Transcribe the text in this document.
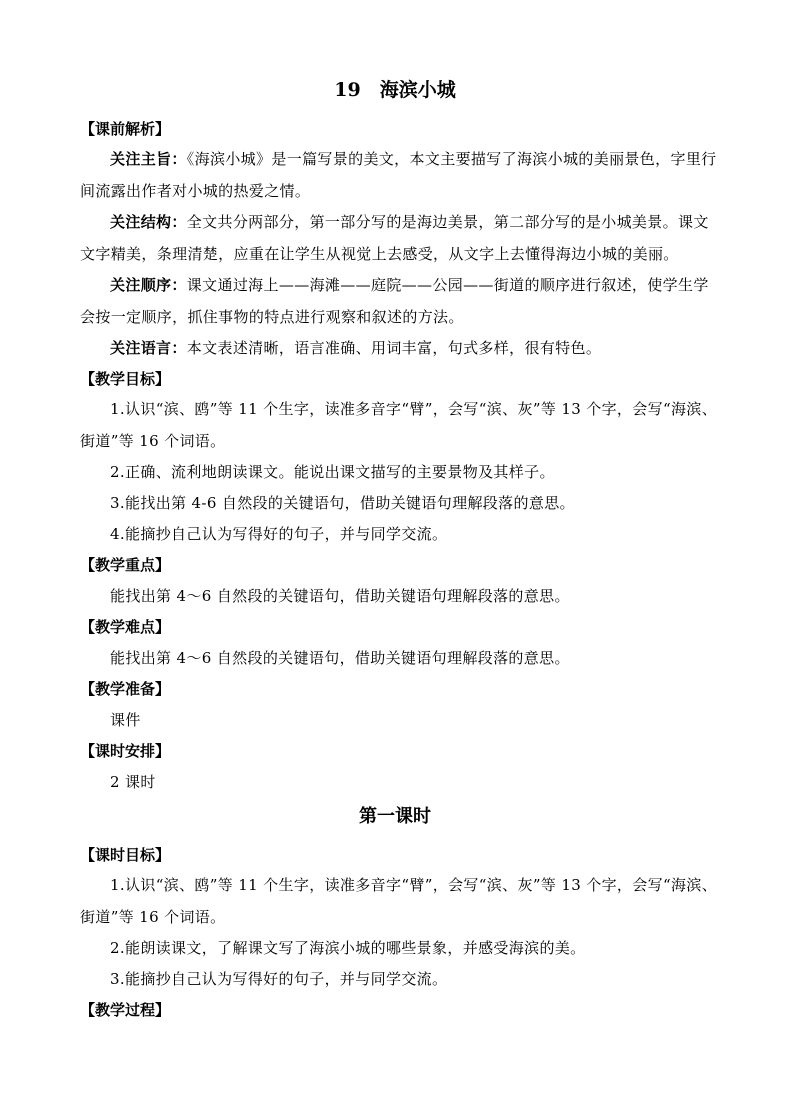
19　海滨小城
【课前解析】
关注主旨：《海滨小城》是一篇写景的美文，本文主要描写了海滨小城的美丽景色，字里行间流露出作者对小城的热爱之情。
关注结构：全文共分两部分，第一部分写的是海边美景，第二部分写的是小城美景。课文文字精美，条理清楚，应重在让学生从视觉上去感受，从文字上去懂得海边小城的美丽。
关注顺序：课文通过海上——海滩——庭院——公园——街道的顺序进行叙述，使学生学会按一定顺序，抓住事物的特点进行观察和叙述的方法。
关注语言：本文表述清晰，语言准确、用词丰富，句式多样，很有特色。
【教学目标】
1.认识“滨、鸥”等 11 个生字，读准多音字“臂”，会写“滨、灰”等 13 个字，会写“海滨、街道”等 16 个词语。
2.正确、流利地朗读课文。能说出课文描写的主要景物及其样子。
3.能找出第 4-6 自然段的关键语句，借助关键语句理解段落的意思。
4.能摘抄自己认为写得好的句子，并与同学交流。
【教学重点】
能找出第 4～6 自然段的关键语句，借助关键语句理解段落的意思。
【教学难点】
能找出第 4～6 自然段的关键语句，借助关键语句理解段落的意思。
【教学准备】
课件
【课时安排】
2 课时
第一课时
【课时目标】
1.认识“滨、鸥”等 11 个生字，读准多音字“臂”，会写“滨、灰”等 13 个字，会写“海滨、街道”等 16 个词语。
2.能朗读课文，了解课文写了海滨小城的哪些景象，并感受海滨的美。
3.能摘抄自己认为写得好的句子，并与同学交流。
【教学过程】
